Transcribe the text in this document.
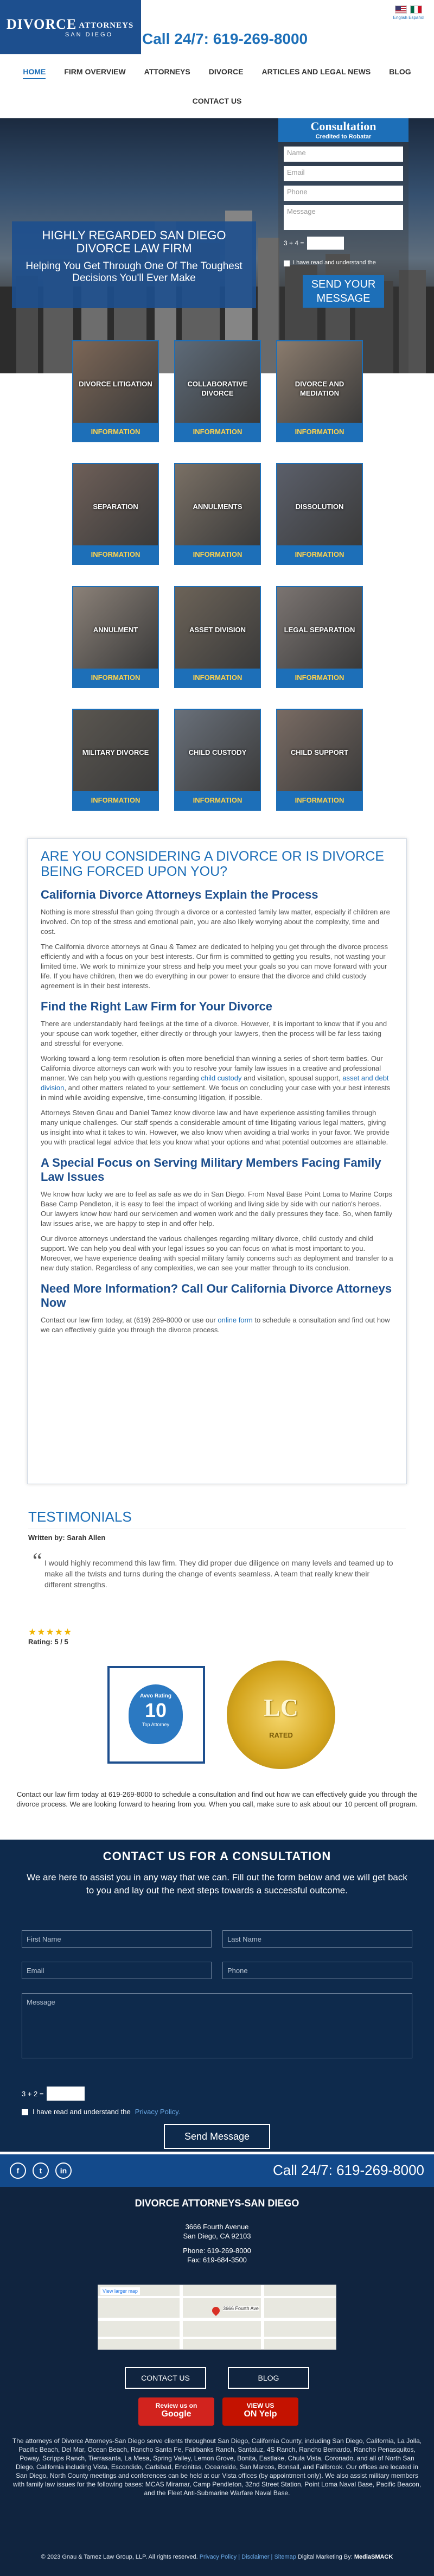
DIVORCE ATTORNEYS
SAN DIEGO Call 24/7: 619-269-8000
English Español
HOME FIRM OVERVIEW ATTORNEYS DIVORCE ARTICLES AND LEGAL NEWS BLOG
CONTACT US
HIGHLY REGARDED SAN DIEGO DIVORCE LAW FIRM
Helping You Get Through One Of The Toughest Decisions You'll Ever Make
Consultation
Credited to Robatar
Name
Email
Phone
Message
3 + 4 =
I have read and understand the
SEND YOUR MESSAGE
DIVORCE LITIGATION
INFORMATION
COLLABORATIVE DIVORCE
INFORMATION
DIVORCE AND MEDIATION
INFORMATION
SEPARATION
INFORMATION
ANNULMENTS
INFORMATION
DISSOLUTION
INFORMATION
ANNULMENT
INFORMATION
ASSET DIVISION
INFORMATION
LEGAL SEPARATION
INFORMATION
MILITARY DIVORCE
INFORMATION
CHILD CUSTODY
INFORMATION
CHILD SUPPORT
INFORMATION
ARE YOU CONSIDERING A DIVORCE OR IS DIVORCE BEING FORCED UPON YOU?
California Divorce Attorneys Explain the Process

Nothing is more stressful than going through a divorce or a contested family law matter, especially if children are involved. On top of the stress and emotional pain, you are also likely worrying about the complexity, time and cost.

The California divorce attorneys at Gnau & Tamez are dedicated to helping you get through the divorce process efficiently and with a focus on your best interests. Our firm is committed to getting you results, not wasting your limited time. We work to minimize your stress and help you meet your goals so you can move forward with your life. If you have children, then we do everything in our power to ensure that the divorce and child custody agreement is in their best interests.

Find the Right Law Firm for Your Divorce

There are understandably hard feelings at the time of a divorce. However, it is important to know that if you and your spouse can work together, either directly or through your lawyers, then the process will be far less taxing and stressful for everyone.

Working toward a long-term resolution is often more beneficial than winning a series of short-term battles. Our California divorce attorneys can work with you to resolve your family law issues in a creative and professional manner. We can help you with questions regarding child custody and visitation, spousal support, asset and debt division, and other matters related to your settlement. We focus on concluding your case with your best interests in mind while avoiding expensive, time-consuming litigation, if possible.

Attorneys Steven Gnau and Daniel Tamez know divorce law and have experience assisting families through many unique challenges. Our staff spends a considerable amount of time litigating various legal matters, giving us insight into what it takes to win. However, we also know when avoiding a trial works in your favor. We provide you with practical legal advice that lets you know what your options and what potential outcomes are attainable.

A Special Focus on Serving Military Members Facing Family Law Issues

We know how lucky we are to feel as safe as we do in San Diego. From Naval Base Point Loma to Marine Corps Base Camp Pendleton, it is easy to feel the impact of working and living side by side with our nation's heroes. Our lawyers know how hard our servicemen and women work and the daily pressures they face. So, when family law issues arise, we are happy to step in and offer help.

Our divorce attorneys understand the various challenges regarding military divorce, child custody and child support. We can help you deal with your legal issues so you can focus on what is most important to you. Moreover, we have experience dealing with special military family concerns such as deployment and transfer to a new duty station. Regardless of any complexities, we can see your matter through to its conclusion.

Need More Information? Call Our California Divorce Attorneys Now

Contact our law firm today, at (619) 269-8000 or use our online form to schedule a consultation and find out how we can effectively guide you through the divorce process.

TESTIMONIALS
Written by: Sarah Allen
“ I would highly recommend this law firm. They did proper due diligence on many levels and teamed up to make all the twists and turns during the change of events seamless. A team that really knew their different strengths.
★★★★★
Rating: 5 / 5
Avvo Rating
10
Top Attorney
LC
RATED
Contact our law firm today at 619-269-8000 to schedule a consultation and find out how we can effectively guide you through the divorce process. We are looking forward to hearing from you. When you call, make sure to ask about our 10 percent off program.
CONTACT US FOR A CONSULTATION
We are here to assist you in any way that we can. Fill out the form below and we will get back to you and lay out the next steps towards a successful outcome.
First Name	Last Name
Email	Phone
Message
3 + 2 =
I have read and understand the Privacy Policy.
Send Message
f	t	in	Call 24/7: 619-269-8000
DIVORCE ATTORNEYS-SAN DIEGO
3666 Fourth Avenue
San Diego, CA 92103
Phone: 619-269-8000
Fax: 619-684-3500
View larger map
3666 Fourth Ave
CONTACT US	BLOG
Review us on
Google
VIEW US
ON Yelp
The attorneys of Divorce Attorneys-San Diego serve clients throughout San Diego, California County, including San Diego, California, La Jolla, Pacific Beach, Del Mar, Ocean Beach, Rancho Santa Fe, Fairbanks Ranch, Santaluz, 4S Ranch, Rancho Bernardo, Rancho Penasquitos, Poway, Scripps Ranch, Tierrasanta, La Mesa, Spring Valley, Lemon Grove, Bonita, Eastlake, Chula Vista, Coronado, and all of North San Diego, California including Vista, Escondido, Carlsbad, Encinitas, Oceanside, San Marcos, Bonsall, and Fallbrook. Our offices are located in San Diego, North County meetings and conferences can be held at our Vista offices (by appointment only). We also assist military members with family law issues for the following bases: MCAS Miramar, Camp Pendleton, 32nd Street Station, Point Loma Naval Base, Pacific Beacon, and the Fleet Anti-Submarine Warfare Naval Base.
© 2023 Gnau & Tamez Law Group, LLP. All rights reserved. Privacy Policy | Disclaimer | Sitemap Digital Marketing By: MediaSMACK
